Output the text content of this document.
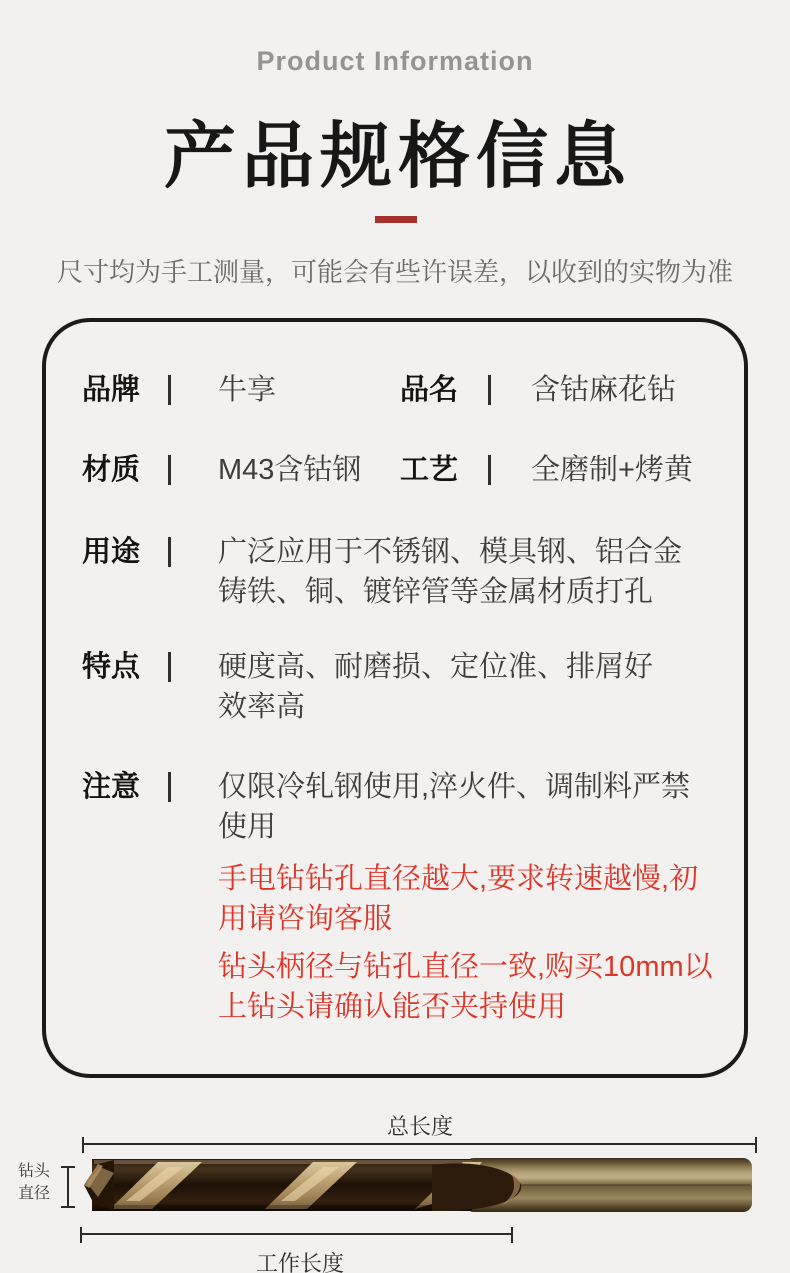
Product Information
产品规格信息
尺寸均为手工测量，可能会有些许误差，以收到的实物为准
品牌	牛享	品名	含钴麻花钻
材质	M43含钴钢	工艺	全磨制+烤黄
用途	广泛应用于不锈钢、模具钢、铝合金
铸铁、铜、镀锌管等金属材质打孔
特点	硬度高、耐磨损、定位准、排屑好
效率高
注意	仅限冷轧钢使用,淬火件、调制料严禁
使用
手电钻钻孔直径越大,要求转速越慢,初
用请咨询客服
钻头柄径与钻孔直径一致,购买10mm以
上钻头请确认能否夹持使用
总长度
钻头
直径
工作长度
